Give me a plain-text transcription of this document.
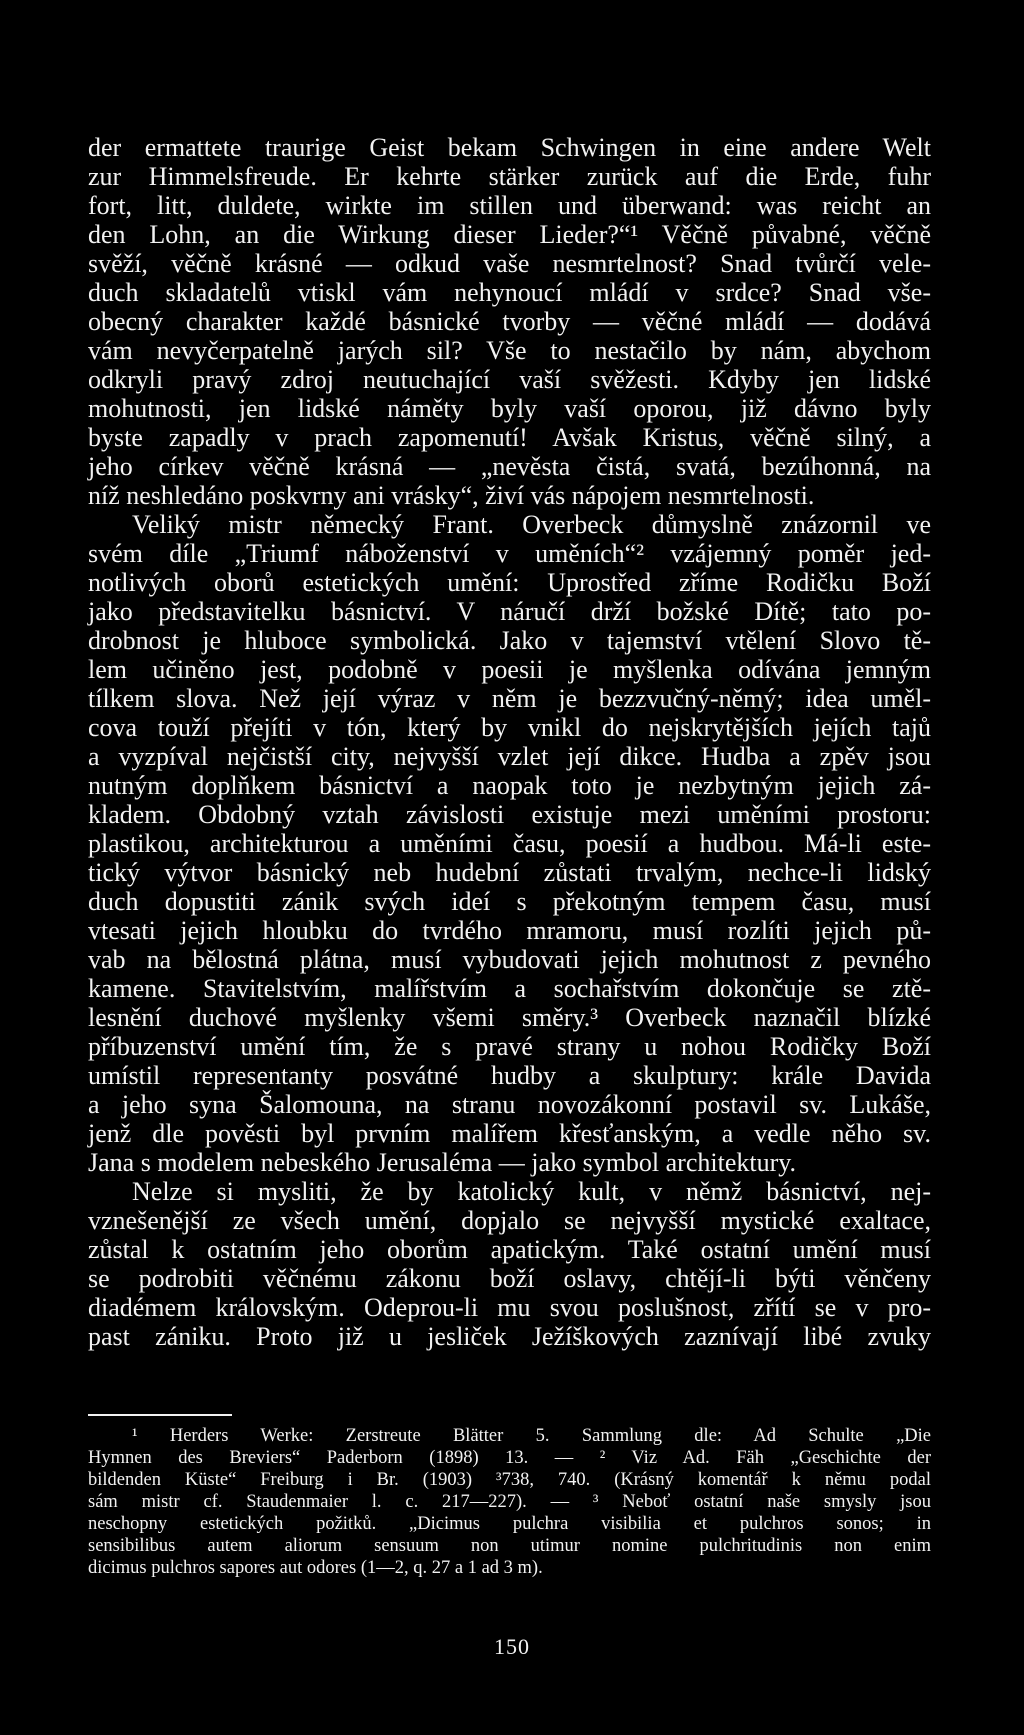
der ermattete traurige Geist bekam Schwingen in eine andere Welt
zur Himmelsfreude. Er kehrte stärker zurück auf die Erde, fuhr
fort, litt, duldete, wirkte im stillen und überwand: was reicht an
den Lohn, an die Wirkung dieser Lieder?“¹ Věčně půvabné, věčně
svěží, věčně krásné — odkud vaše nesmrtelnost? Snad tvůrčí vele-
duch skladatelů vtiskl vám nehynoucí mládí v srdce? Snad vše-
obecný charakter každé básnické tvorby — věčné mládí — dodává
vám nevyčerpatelně jarých sil? Vše to nestačilo by nám, abychom
odkryli pravý zdroj neutuchající vaší svěžesti. Kdyby jen lidské
mohutnosti, jen lidské náměty byly vaší oporou, již dávno byly
byste zapadly v prach zapomenutí! Avšak Kristus, věčně silný, a
jeho církev věčně krásná — „nevěsta čistá, svatá, bezúhonná, na
níž neshledáno poskvrny ani vrásky“, živí vás nápojem nesmrtelnosti.
Veliký mistr německý Frant. Overbeck důmyslně znázornil ve
svém díle „Triumf náboženství v uměních“² vzájemný poměr jed-
notlivých oborů estetických umění: Uprostřed zříme Rodičku Boží
jako představitelku básnictví. V náručí drží božské Dítě; tato po-
drobnost je hluboce symbolická. Jako v tajemství vtělení Slovo tě-
lem učiněno jest, podobně v poesii je myšlenka odívána jemným
tílkem slova. Než její výraz v něm je bezzvučný-němý; idea uměl-
cova touží přejíti v tón, který by vnikl do nejskrytějších jejích tajů
a vyzpíval nejčistší city, nejvyšší vzlet její dikce. Hudba a zpěv jsou
nutným doplňkem básnictví a naopak toto je nezbytným jejich zá-
kladem. Obdobný vztah závislosti existuje mezi uměními prostoru:
plastikou, architekturou a uměními času, poesií a hudbou. Má-li este-
tický výtvor básnický neb hudební zůstati trvalým, nechce-li lidský
duch dopustiti zánik svých ideí s překotným tempem času, musí
vtesati jejich hloubku do tvrdého mramoru, musí rozlíti jejich pů-
vab na bělostná plátna, musí vybudovati jejich mohutnost z pevného
kamene. Stavitelstvím, malířstvím a sochařstvím dokončuje se ztě-
lesnění duchové myšlenky všemi směry.³ Overbeck naznačil blízké
příbuzenství umění tím, že s pravé strany u nohou Rodičky Boží
umístil representanty posvátné hudby a skulptury: krále Davida
a jeho syna Šalomouna, na stranu novozákonní postavil sv. Lukáše,
jenž dle pověsti byl prvním malířem křesťanským, a vedle něho sv.
Jana s modelem nebeského Jerusaléma — jako symbol architektury.
Nelze si mysliti, že by katolický kult, v němž básnictví, nej-
vznešenější ze všech umění, dopjalo se nejvyšší mystické exaltace,
zůstal k ostatním jeho oborům apatickým. Také ostatní umění musí
se podrobiti věčnému zákonu boží oslavy, chtějí-li býti věnčeny
diadémem královským. Odeprou-li mu svou poslušnost, zřítí se v pro-
past zániku. Proto již u jesliček Ježíškových zaznívají libé zvuky
¹ Herders Werke: Zerstreute Blätter 5. Sammlung dle: Ad Schulte „Die
Hymnen des Breviers“ Paderborn (1898) 13. — ² Viz Ad. Fäh „Geschichte der
bildenden Küste“ Freiburg i Br. (1903) ³738, 740. (Krásný komentář k němu podal
sám mistr cf. Staudenmaier l. c. 217—227). — ³ Neboť ostatní naše smysly jsou
neschopny estetických požitků. „Dicimus pulchra visibilia et pulchros sonos; in
sensibilibus autem aliorum sensuum non utimur nomine pulchritudinis non enim
dicimus pulchros sapores aut odores (1—2, q. 27 a 1 ad 3 m).
150
